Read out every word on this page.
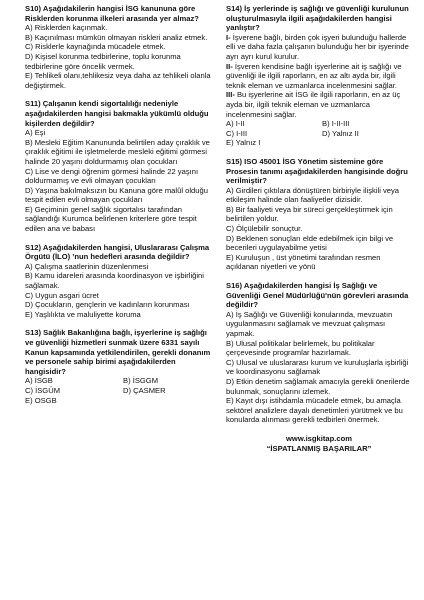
S10) Aşağıdakilerin hangisi İSG kanununa göre Risklerden korunma ilkeleri arasında yer almaz?

A) Risklerden kaçınmak.

B) Kaçınılması mümkün olmayan riskleri analiz etmek.

C) Risklerle kaynağında mücadele etmek.

D) Kişisel korunma tedbirlerine, toplu korunma tedbirlerine göre öncelik vermek.

E) Tehlikeli olanı,tehlikesiz veya daha az tehlikeli olanla değiştirmek.

S11) Çalışanın kendi sigortalılığı nedeniyle aşağıdakilerden hangisi bakmakla yükümlü olduğu kişilerden değildir?

A) Eşi

B) Mesleki Eğitim Kanununda belirtilen aday çıraklık ve çıraklık eğitimi ile işletmelerde mesleki eğitimi görmesi halinde 20 yaşını doldurmamış olan çocukları

C) Lise ve dengi öğrenim görmesi halinde 22 yaşını doldurmamış ve evli olmayan çocukları

D) Yaşına bakılmaksızın bu Kanuna göre malûl olduğu tespit edilen evli olmayan çocukları

E) Geçiminin genel sağlık sigortalısı tarafından sağlandığı Kurumca belirlenen kriterlere göre tespit edilen ana ve babası

S12) Aşağıdakilerden hangisi, Uluslararası Çalışma Örgütü (İLO) ’nun hedefleri arasında değildir?

A) Çalışma saatlerinin düzenlenmesi

B) Kamu idareleri arasında koordinasyon ve işbirliğini sağlamak.

C) Uygun asgari ücret

D) Çocukların, gençlerin ve kadınların korunması

E) Yaşlılıkta ve maluliyette koruma

S13) Sağlık Bakanlığına bağlı, işyerlerine iş sağlığı ve güvenliği hizmetleri sunmak üzere 6331 sayılı Kanun kapsamında yetkilendirilen, gerekli donanım ve personele sahip birimi aşağıdakilerden hangisidir?

A) İSGB	B) İSGGM

C) İSGÜM	D) ÇASMER

E) OSGB

S14) İş yerlerinde iş sağlığı ve güvenliği kurulunun oluşturulmasıyla ilgili aşağıdakilerden hangisi yanlıştır?

I- İşverene bağlı, birden çok işyeri bulunduğu hallerde elli ve daha fazla çalışanın bulunduğu her bir işyerinde ayrı ayrı kurul kurulur.

II- İşveren kendisine bağlı işyerlerine ait iş sağlığı ve güvenliği ile ilgili raporların, en az altı ayda bir, ilgili teknik eleman ve uzmanlarca incelenmesini sağlar.

III- Bu işyerlerine ait İSG ile ilgili raporların, en az üç ayda bir, ilgili teknik eleman ve uzmanlarca incelenmesini sağlar.

A) I-II	B) I-II-III

C) I-III	D) Yalnız II

E) Yalnız I

S15) ISO 45001 İSG Yönetim sistemine göre Prosesin tanımı aşağıdakilerden hangisinde doğru verilmiştir?

A) Girdileri çıktılara dönüştüren birbiriyle ilişkili veya etkileşim halinde olan faaliyetler dizisidir.

B) Bir faaliyeti veya bir süreci gerçekleştirmek için belirtilen yoldur.

C) Ölçülebilir sonuçtur.

D) Beklenen sonuçları elde edebilmek için bilgi ve becerileri uygulayabilme yetisi

E) Kuruluşun , üst yönetimi tarafından resmen açıklanan niyetleri ve yönü

S16) Aşağıdakilerden hangisi İş Sağlığı ve Güvenliği Genel Müdürlüğü'nün görevleri arasında değildir?

A) İş Sağlığı ve Güvenliği konularında, mevzuatın uygulanmasını sağlamak ve mevzuat çalışması yapmak.

B) Ulusal politikalar belirlemek, bu politikalar çerçevesinde programlar hazırlamak.

C) Ulusal ve uluslararası kurum ve kuruluşlarla işbirliği ve koordinasyonu sağlamak

D) Etkin denetim sağlamak amacıyla gerekli önerilerde bulunmak, sonuçlarını izlemek.

E) Kayıt dışı istihdamla mücadele etmek, bu amaçla sektörel analizlere dayalı denetimleri yürütmek ve bu konularda alınması gerekli tedbirleri önermek.

www.isgkitap.com
“İSPATLANMIŞ BAŞARILAR”
